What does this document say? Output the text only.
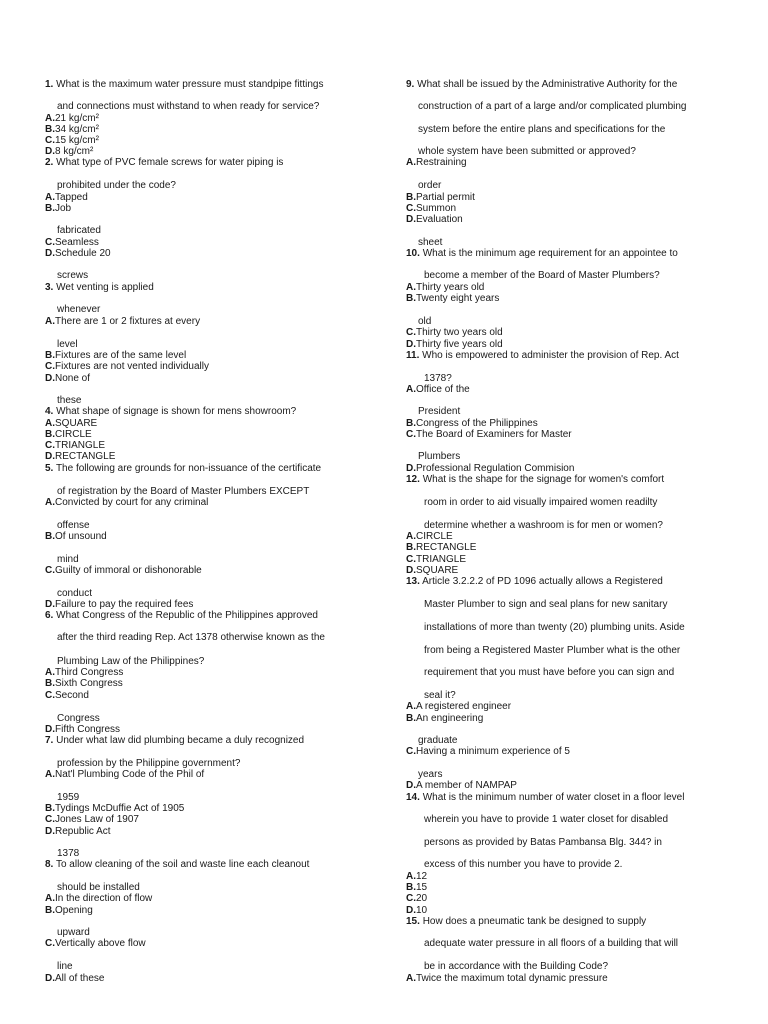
1. What is the maximum water pressure must standpipe fittings
and connections must withstand to when ready for service?
A.21 kg/cm²
B.34 kg/cm²
C.15 kg/cm²
D.8 kg/cm²
2. What type of PVC female screws for water piping is
prohibited under the code?
A.Tapped
B.Job
fabricated
C.Seamless
D.Schedule 20
screws
3. Wet venting is applied
whenever
A.There are 1 or 2 fixtures at every
level
B.Fixtures are of the same level
C.Fixtures are not vented individually
D.None of
these
4. What shape of signage is shown for mens showroom?
A.SQUARE
B.CIRCLE
C.TRIANGLE
D.RECTANGLE
5. The following are grounds for non-issuance of the certificate
of registration by the Board of Master Plumbers EXCEPT
A.Convicted by court for any criminal
offense
B.Of unsound
mind
C.Guilty of immoral or dishonorable
conduct
D.Failure to pay the required fees
6. What Congress of the Republic of the Philippines approved
after the third reading Rep. Act 1378 otherwise known as the
Plumbing Law of the Philippines?
A.Third Congress
B.Sixth Congress
C.Second
Congress
D.Fifth Congress
7. Under what law did plumbing became a duly recognized
profession by the Philippine government?
A.Nat'l Plumbing Code of the Phil of
1959
B.Tydings McDuffie Act of 1905
C.Jones Law of 1907
D.Republic Act
1378
8. To allow cleaning of the soil and waste line each cleanout
should be installed
A.In the direction of flow
B.Opening
upward
C.Vertically above flow
line
D.All of these
9. What shall be issued by the Administrative Authority for the
construction of a part of a large and/or complicated plumbing
system before the entire plans and specifications for the
whole system have been submitted or approved?
A.Restraining
order
B.Partial permit
C.Summon
D.Evaluation
sheet
10. What is the minimum age requirement for an appointee to
become a member of the Board of Master Plumbers?
A.Thirty years old
B.Twenty eight years
old
C.Thirty two years old
D.Thirty five years old
11. Who is empowered to administer the provision of Rep. Act
1378?
A.Office of the
President
B.Congress of the Philippines
C.The Board of Examiners for Master
Plumbers
D.Professional Regulation Commision
12. What is the shape for the signage for women's comfort
room in order to aid visually impaired women readilty
determine whether a washroom is for men or women?
A.CIRCLE
B.RECTANGLE
C.TRIANGLE
D.SQUARE
13. Article 3.2.2.2 of PD 1096 actually allows a Registered
Master Plumber to sign and seal plans for new sanitary
installations of more than twenty (20) plumbing units. Aside
from being a Registered Master Plumber what is the other
requirement that you must have before you can sign and
seal it?
A.A registered engineer
B.An engineering
graduate
C.Having a minimum experience of 5
years
D.A member of NAMPAP
14. What is the minimum number of water closet in a floor level
wherein you have to provide 1 water closet for disabled
persons as provided by Batas Pambansa Blg. 344? in
excess of this number you have to provide 2.
A.12
B.15
C.20
D.10
15. How does a pneumatic tank be designed to supply
adequate water pressure in all floors of a building that will
be in accordance with the Building Code?
A.Twice the maximum total dynamic pressure
